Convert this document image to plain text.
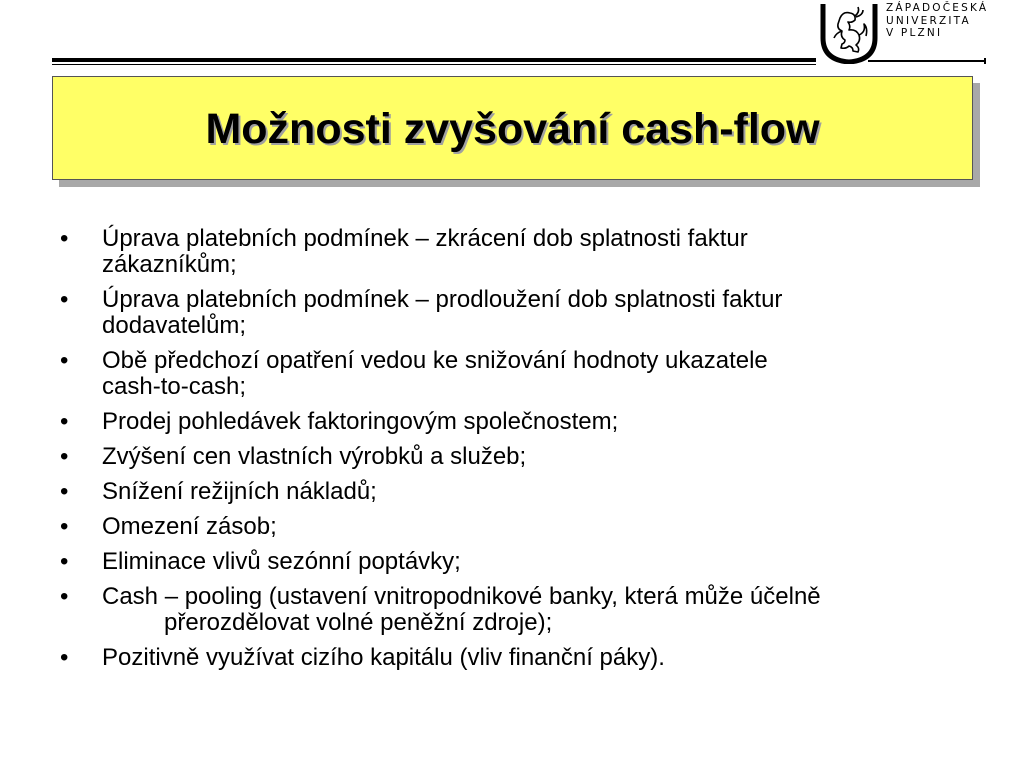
ZÁPADOČESKÁ
UNIVERZITA
V PLZNI
Možnosti zvyšování cash-flow
• Úprava platebních podmínek – zkrácení dob splatnosti faktur
zákazníkům;
• Úprava platebních podmínek – prodloužení dob splatnosti faktur
dodavatelům;
• Obě předchozí opatření vedou ke snižování hodnoty ukazatele
cash-to-cash;
• Prodej pohledávek faktoringovým společnostem;
• Zvýšení cen vlastních výrobků a služeb;
• Snížení režijních nákladů;
• Omezení zásob;
• Eliminace vlivů sezónní poptávky;
• Cash – pooling (ustavení vnitropodnikové banky, která může účelně
přerozdělovat volné peněžní zdroje);
• Pozitivně využívat cizího kapitálu (vliv finanční páky).
